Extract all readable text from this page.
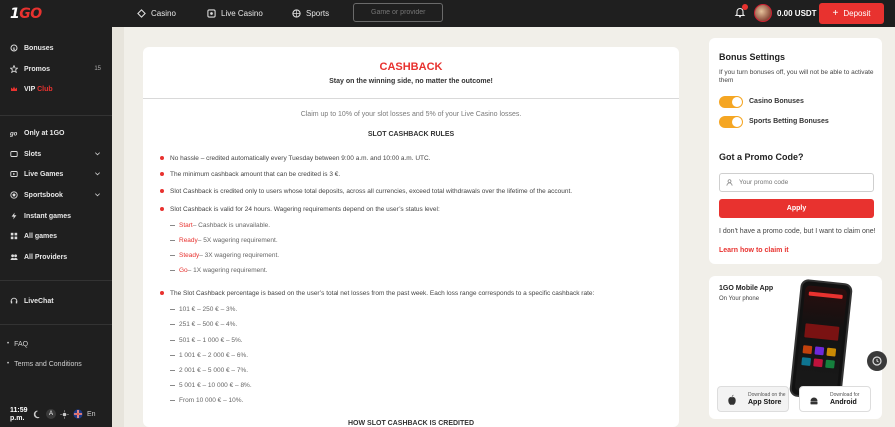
1GO	Casino	Live Casino	Sports
Game or provider	0.00 USDT + Deposit
$ Bonuses
Promos	15
VIP Club
go Only at 1GO
Slots
Live Games
Sportsbook
Instant games
All games
All Providers
LiveChat
• FAQ
• Terms and Conditions
11:59
p.m.
A	En
CASHBACK
Stay on the winning side, no matter the outcome!
Claim up to 10% of your slot losses and 5% of your Live Casino losses.
SLOT CASHBACK RULES
No hassle – credited automatically every Tuesday between 9:00 a.m. and 10:00 a.m. UTC.
The minimum cashback amount that can be credited is 3 €.
Slot Cashback is credited only to users whose total deposits, across all currencies, exceed total withdrawals over the lifetime of the account.
Slot Cashback is valid for 24 hours. Wagering requirements depend on the user’s status level:
Start – Cashback is unavailable.
Ready – 5X wagering requirement.
Steady – 3X wagering requirement.
Go – 1X wagering requirement.
The Slot Cashback percentage is based on the user’s total net losses from the past week. Each loss range corresponds to a specific cashback rate:
101 € – 250 € – 3%.
251 € – 500 € – 4%.
501 € – 1 000 € – 5%.
1 001 € – 2 000 € – 6%.
2 001 € – 5 000 € – 7%.
5 001 € – 10 000 € – 8%.
From 10 000 € – 10%.
HOW SLOT CASHBACK IS CREDITED
Bonus Settings
If you turn bonuses off, you will not be able to activate them
Casino Bonuses
Sports Betting Bonuses
Got a Promo Code?
Your promo code
Apply
I don't have a promo code, but I want to claim one!
Learn how to claim it
1GO Mobile App
On Your phone
Download on the
App Store
Download for
Android
